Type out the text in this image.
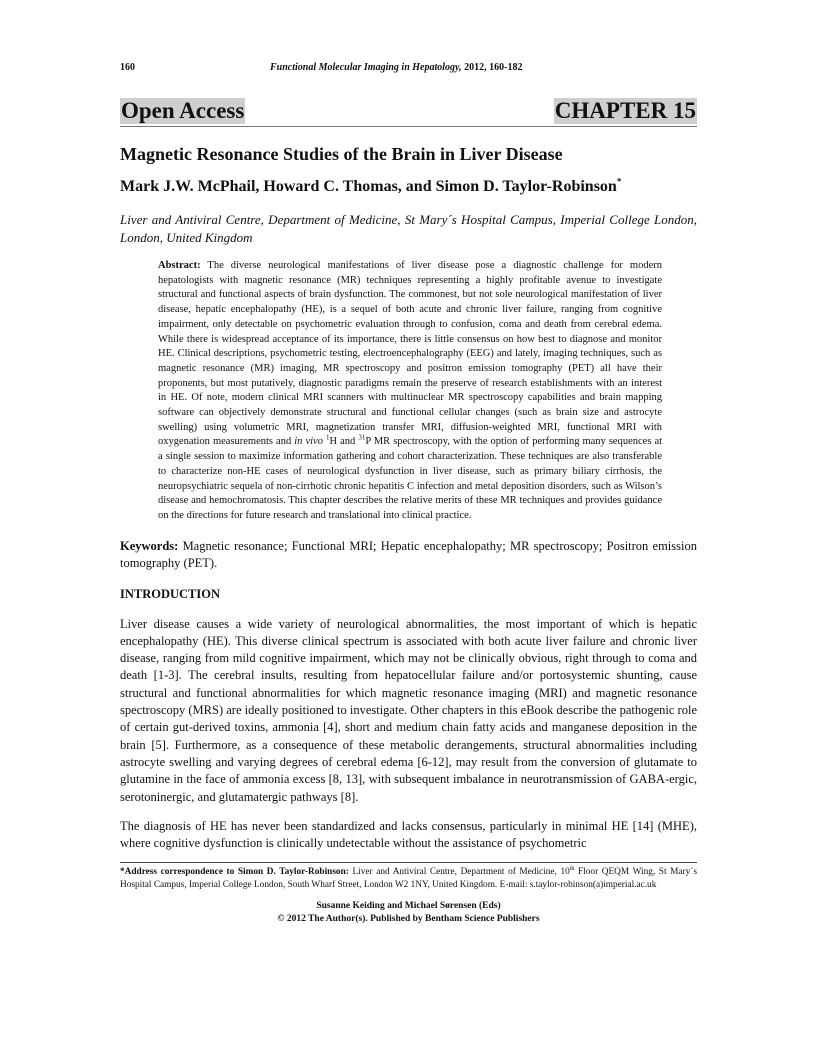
160	Functional Molecular Imaging in Hepatology, 2012, 160-182
Open Access	CHAPTER 15
Magnetic Resonance Studies of the Brain in Liver Disease
Mark J.W. McPhail, Howard C. Thomas, and Simon D. Taylor-Robinson*
Liver and Antiviral Centre, Department of Medicine, St Mary´s Hospital Campus, Imperial College London, London, United Kingdom

Abstract: The diverse neurological manifestations of liver disease pose a diagnostic challenge for modern hepatologists with magnetic resonance (MR) techniques representing a highly profitable avenue to investigate structural and functional aspects of brain dysfunction. The commonest, but not sole neurological manifestation of liver disease, hepatic encephalopathy (HE), is a sequel of both acute and chronic liver failure, ranging from cognitive impairment, only detectable on psychometric evaluation through to confusion, coma and death from cerebral edema. While there is widespread acceptance of its importance, there is little consensus on how best to diagnose and monitor HE. Clinical descriptions, psychometric testing, electroencephalography (EEG) and lately, imaging techniques, such as magnetic resonance (MR) imaging, MR spectroscopy and positron emission tomography (PET) all have their proponents, but most putatively, diagnostic paradigms remain the preserve of research establishments with an interest in HE. Of note, modern clinical MRI scanners with multinuclear MR spectroscopy capabilities and brain mapping software can objectively demonstrate structural and functional cellular changes (such as brain size and astrocyte swelling) using volumetric MRI, magnetization transfer MRI, diffusion-weighted MRI, functional MRI with oxygenation measurements and in vivo $^1$H and $^{31}$P MR spectroscopy, with the option of performing many sequences at a single session to maximize information gathering and cohort characterization. These techniques are also transferable to characterize non-HE cases of neurological dysfunction in liver disease, such as primary biliary cirrhosis, the neuropsychiatric sequela of non-cirrhotic chronic hepatitis C infection and metal deposition disorders, such as Wilson’s disease and hemochromatosis. This chapter describes the relative merits of these MR techniques and provides guidance on the directions for future research and translational into clinical practice.

Keywords: Magnetic resonance; Functional MRI; Hepatic encephalopathy; MR spectroscopy; Positron emission tomography (PET).
INTRODUCTION

Liver disease causes a wide variety of neurological abnormalities, the most important of which is hepatic encephalopathy (HE). This diverse clinical spectrum is associated with both acute liver failure and chronic liver disease, ranging from mild cognitive impairment, which may not be clinically obvious, right through to coma and death [1-3]. The cerebral insults, resulting from hepatocellular failure and/or portosystemic shunting, cause structural and functional abnormalities for which magnetic resonance imaging (MRI) and magnetic resonance spectroscopy (MRS) are ideally positioned to investigate. Other chapters in this eBook describe the pathogenic role of certain gut-derived toxins, ammonia [4], short and medium chain fatty acids and manganese deposition in the brain [5]. Furthermore, as a consequence of these metabolic derangements, structural abnormalities including astrocyte swelling and varying degrees of cerebral edema [6-12], may result from the conversion of glutamate to glutamine in the face of ammonia excess [8, 13], with subsequent imbalance in neurotransmission of GABA-ergic, serotoninergic, and glutamatergic pathways [8].

The diagnosis of HE has never been standardized and lacks consensus, particularly in minimal HE [14] (MHE), where cognitive dysfunction is clinically undetectable without the assistance of psychometric

*Address correspondence to Simon D. Taylor-Robinson: Liver and Antiviral Centre, Department of Medicine, 10th Floor QEQM Wing, St Mary´s Hospital Campus, Imperial College London, South Wharf Street, London W2 1NY, United Kingdom. E-mail: s.taylor-robinson(a)imperial.ac.uk
Susanne Keiding and Michael Sørensen (Eds)
© 2012 The Author(s). Published by Bentham Science Publishers
